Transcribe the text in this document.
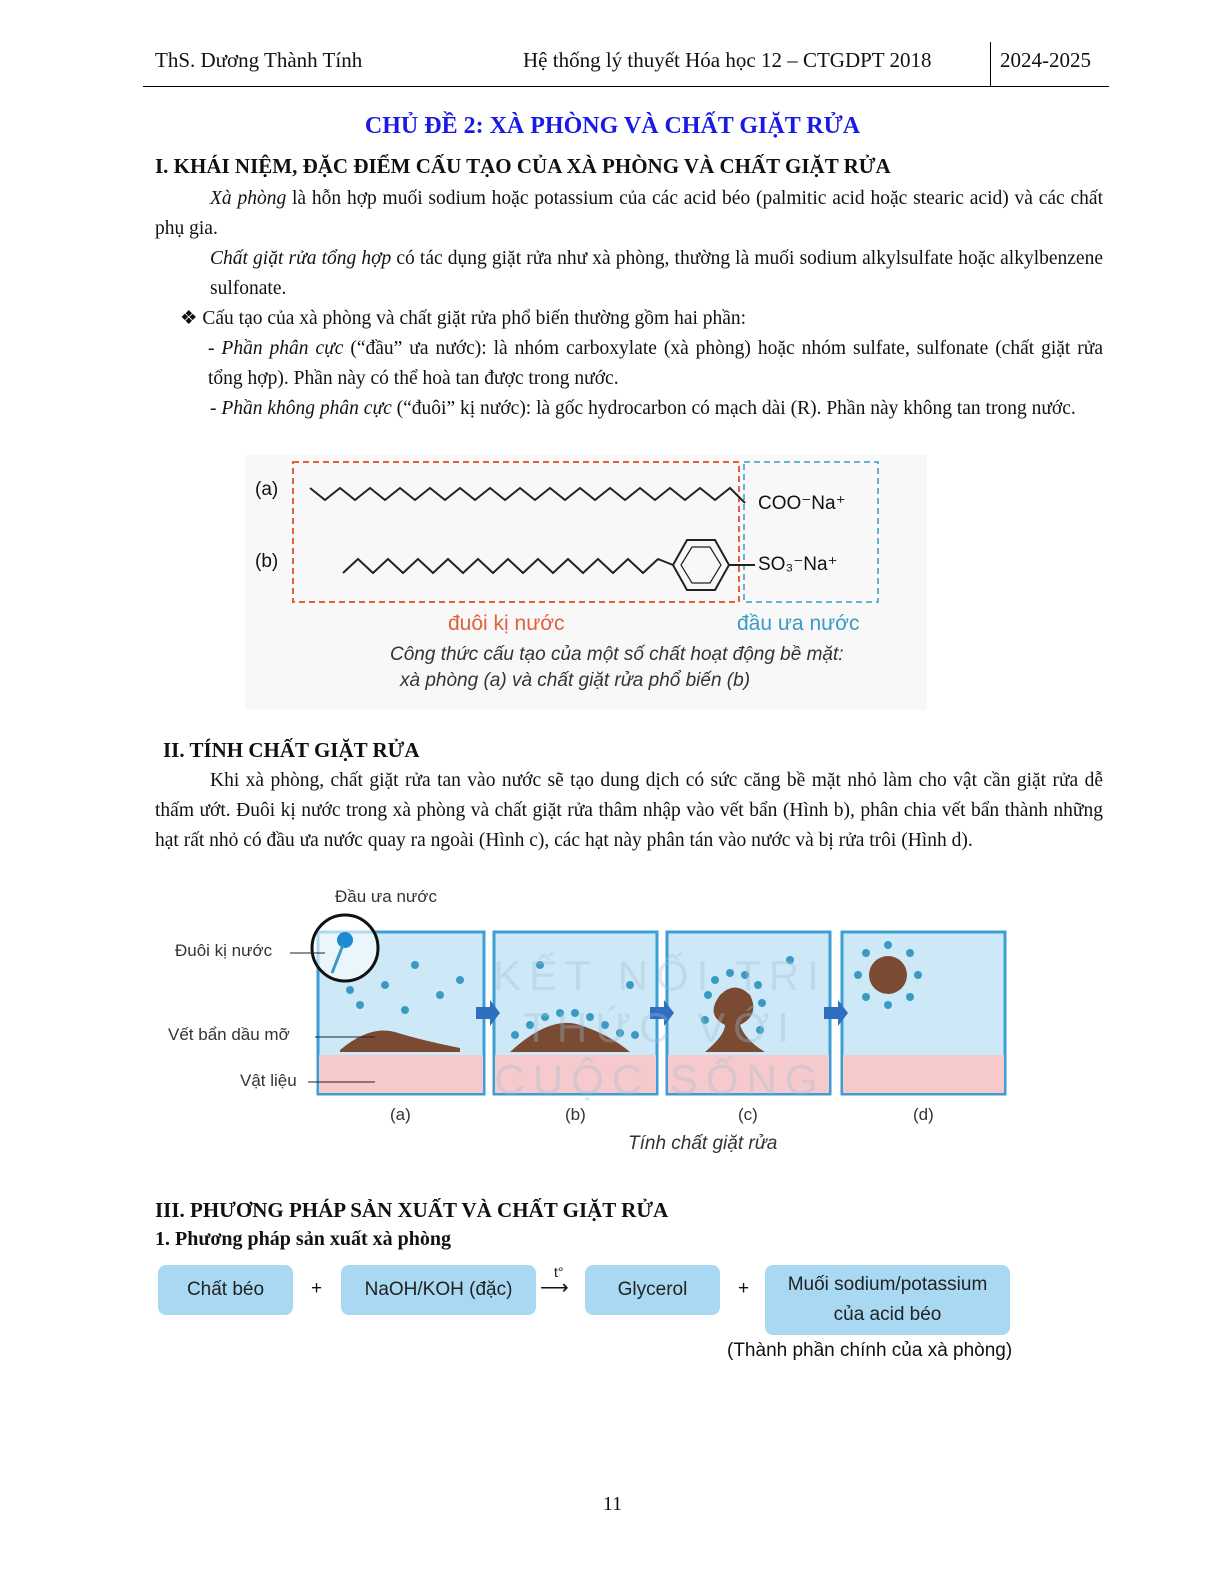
ThS. Dương Thành Tính	Hệ thống lý thuyết Hóa học 12 – CTGDPT 2018	2024-2025
CHỦ ĐỀ 2: XÀ PHÒNG VÀ CHẤT GIẶT RỬA
I. KHÁI NIỆM, ĐẶC ĐIỂM CẤU TẠO CỦA XÀ PHÒNG VÀ CHẤT GIẶT RỬA
Xà phòng là hỗn hợp muối sodium hoặc potassium của các acid béo (palmitic acid hoặc stearic acid) và các chất phụ gia.
Chất giặt rửa tổng hợp có tác dụng giặt rửa như xà phòng, thường là muối sodium alkylsulfate hoặc alkylbenzene sulfonate.
❖ Cấu tạo của xà phòng và chất giặt rửa phổ biến thường gồm hai phần:
- Phần phân cực (“đầu” ưa nước): là nhóm carboxylate (xà phòng) hoặc nhóm sulfate, sulfonate (chất giặt rửa tổng hợp). Phần này có thể hoà tan được trong nước.
- Phần không phân cực (“đuôi” kị nước): là gốc hydrocarbon có mạch dài (R). Phần này không tan trong nước.
(a)
(b)
COO⁻Na⁺
SO₃⁻Na⁺
đuôi kị nước	đầu ưa nước
Công thức cấu tạo của một số chất hoạt động bề mặt:
xà phòng (a) và chất giặt rửa phổ biến (b)
II. TÍNH CHẤT GIẶT RỬA
Khi xà phòng, chất giặt rửa tan vào nước sẽ tạo dung dịch có sức căng bề mặt nhỏ làm cho vật cần giặt rửa dễ thấm ướt. Đuôi kị nước trong xà phòng và chất giặt rửa thâm nhập vào vết bẩn (Hình b), phân chia vết bẩn thành những hạt rất nhỏ có đầu ưa nước quay ra ngoài (Hình c), các hạt này phân tán vào nước và bị rửa trôi (Hình d).
Đầu ưa nước
Đuôi kị nước
Vết bẩn dầu mỡ
Vật liệu
(a)	(b)	(c)	(d)
Tính chất giặt rửa
KẾT NỐI TRI THỨC VỚI CUỘC SỐNG
III. PHƯƠNG PHÁP SẢN XUẤT VÀ CHẤT GIẶT RỬA
1. Phương pháp sản xuất xà phòng
Chất béo	+	NaOH/KOH (đặc)
t°
⟶	Glycerol	+ Muối sodium/potassium
của acid béo
(Thành phần chính của xà phòng)
11
